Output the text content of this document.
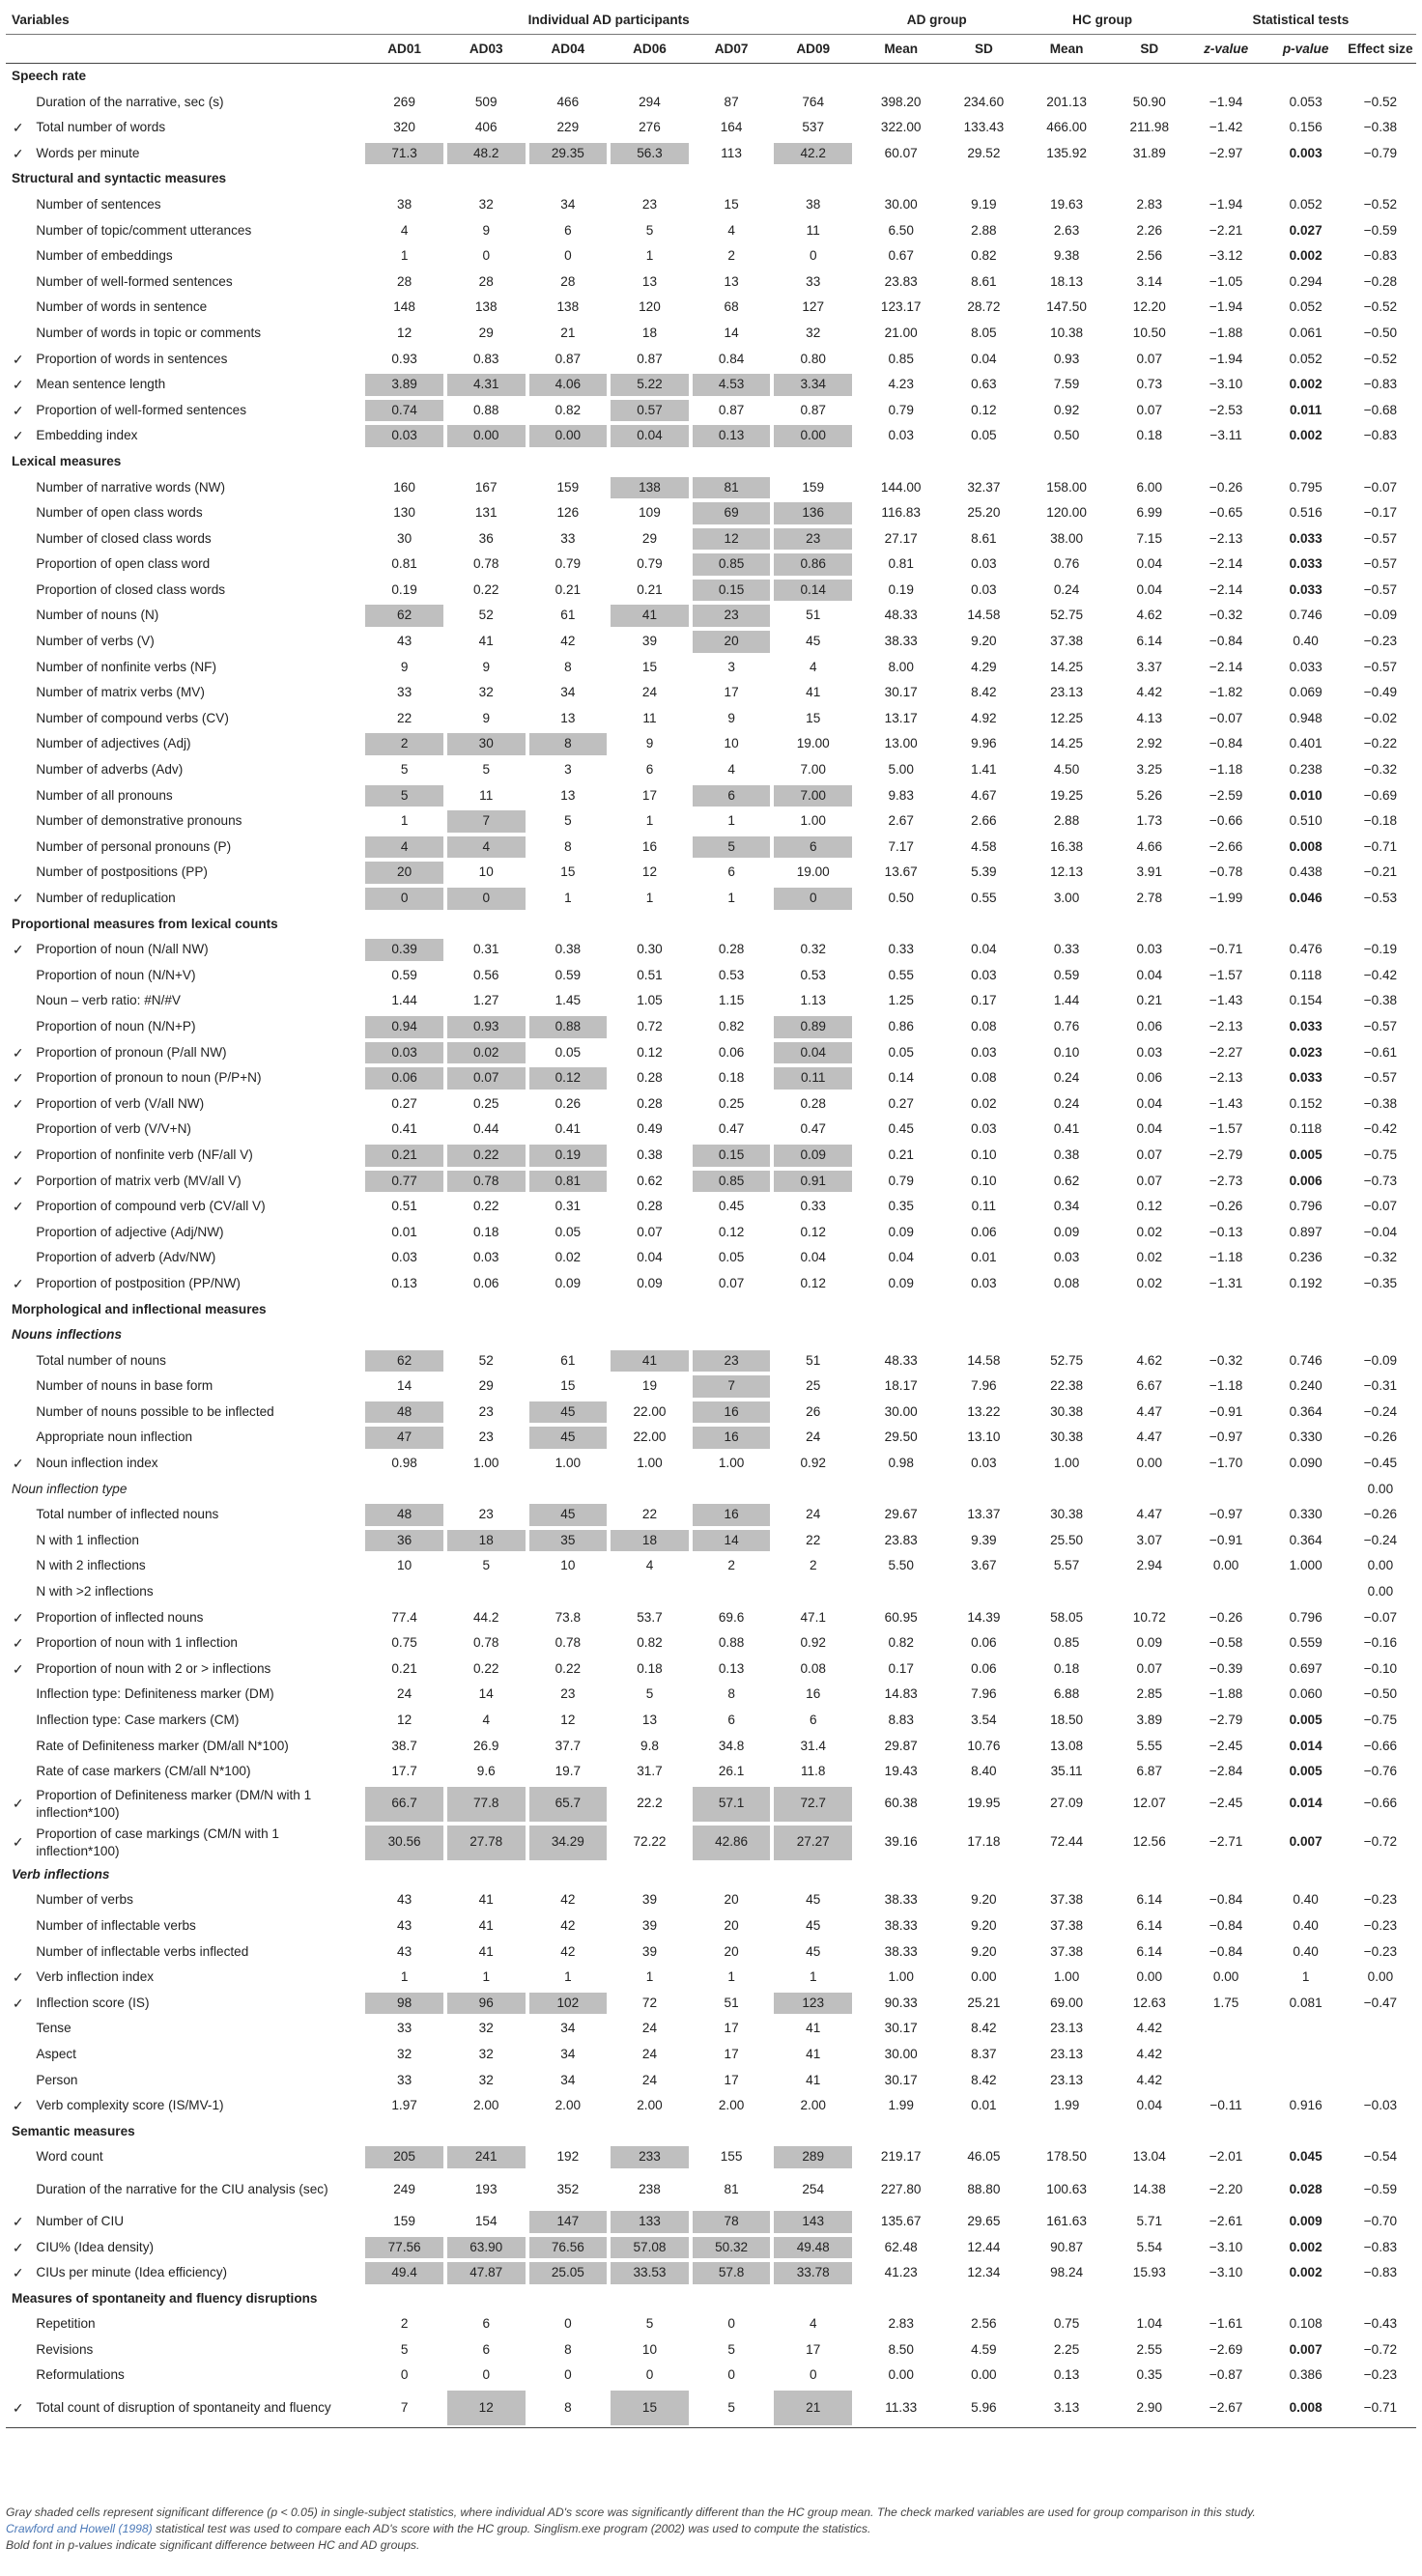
Variables		Individual AD participants						AD group		HC group		Statistical tests		
		AD01	AD03	AD04	AD06	AD07	AD09	Mean	SD	Mean	SD	z-value	p-value	Effect size
Speech rate														
	Duration of the narrative, sec (s)	269	509	466	294	87	764	398.20	234.60	201.13	50.90	−1.94	0.053	−0.52
✓	Total number of words	320	406	229	276	164	537	322.00	133.43	466.00	211.98	−1.42	0.156	−0.38
✓	Words per minute	71.3	48.2	29.35	56.3	113	42.2	60.07	29.52	135.92	31.89	−2.97	0.003	−0.79
Structural and syntactic measures														
	Number of sentences	38	32	34	23	15	38	30.00	9.19	19.63	2.83	−1.94	0.052	−0.52
	Number of topic/comment utterances	4	9	6	5	4	11	6.50	2.88	2.63	2.26	−2.21	0.027	−0.59
	Number of embeddings	1	0	0	1	2	0	0.67	0.82	9.38	2.56	−3.12	0.002	−0.83
	Number of well-formed sentences	28	28	28	13	13	33	23.83	8.61	18.13	3.14	−1.05	0.294	−0.28
	Number of words in sentence	148	138	138	120	68	127	123.17	28.72	147.50	12.20	−1.94	0.052	−0.52
	Number of words in topic or comments	12	29	21	18	14	32	21.00	8.05	10.38	10.50	−1.88	0.061	−0.50
✓	Proportion of words in sentences	0.93	0.83	0.87	0.87	0.84	0.80	0.85	0.04	0.93	0.07	−1.94	0.052	−0.52
✓	Mean sentence length	3.89	4.31	4.06	5.22	4.53	3.34	4.23	0.63	7.59	0.73	−3.10	0.002	−0.83
✓	Proportion of well-formed sentences	0.74	0.88	0.82	0.57	0.87	0.87	0.79	0.12	0.92	0.07	−2.53	0.011	−0.68
✓	Embedding index	0.03	0.00	0.00	0.04	0.13	0.00	0.03	0.05	0.50	0.18	−3.11	0.002	−0.83
Lexical measures														
	Number of narrative words (NW)	160	167	159	138	81	159	144.00	32.37	158.00	6.00	−0.26	0.795	−0.07
	Number of open class words	130	131	126	109	69	136	116.83	25.20	120.00	6.99	−0.65	0.516	−0.17
	Number of closed class words	30	36	33	29	12	23	27.17	8.61	38.00	7.15	−2.13	0.033	−0.57
	Proportion of open class word	0.81	0.78	0.79	0.79	0.85	0.86	0.81	0.03	0.76	0.04	−2.14	0.033	−0.57
	Proportion of closed class words	0.19	0.22	0.21	0.21	0.15	0.14	0.19	0.03	0.24	0.04	−2.14	0.033	−0.57
	Number of nouns (N)	62	52	61	41	23	51	48.33	14.58	52.75	4.62	−0.32	0.746	−0.09
	Number of verbs (V)	43	41	42	39	20	45	38.33	9.20	37.38	6.14	−0.84	0.40	−0.23
	Number of nonfinite verbs (NF)	9	9	8	15	3	4	8.00	4.29	14.25	3.37	−2.14	0.033	−0.57
	Number of matrix verbs (MV)	33	32	34	24	17	41	30.17	8.42	23.13	4.42	−1.82	0.069	−0.49
	Number of compound verbs (CV)	22	9	13	11	9	15	13.17	4.92	12.25	4.13	−0.07	0.948	−0.02
	Number of adjectives (Adj)	2	30	8	9	10	19.00	13.00	9.96	14.25	2.92	−0.84	0.401	−0.22
	Number of adverbs (Adv)	5	5	3	6	4	7.00	5.00	1.41	4.50	3.25	−1.18	0.238	−0.32
	Number of all pronouns	5	11	13	17	6	7.00	9.83	4.67	19.25	5.26	−2.59	0.010	−0.69
	Number of demonstrative pronouns	1	7	5	1	1	1.00	2.67	2.66	2.88	1.73	−0.66	0.510	−0.18
	Number of personal pronouns (P)	4	4	8	16	5	6	7.17	4.58	16.38	4.66	−2.66	0.008	−0.71
	Number of postpositions (PP)	20	10	15	12	6	19.00	13.67	5.39	12.13	3.91	−0.78	0.438	−0.21
✓	Number of reduplication	0	0	1	1	1	0	0.50	0.55	3.00	2.78	−1.99	0.046	−0.53
Proportional measures from lexical counts														
✓	Proportion of noun (N/all NW)	0.39	0.31	0.38	0.30	0.28	0.32	0.33	0.04	0.33	0.03	−0.71	0.476	−0.19
	Proportion of noun (N/N+V)	0.59	0.56	0.59	0.51	0.53	0.53	0.55	0.03	0.59	0.04	−1.57	0.118	−0.42
	Noun – verb ratio: #N/#V	1.44	1.27	1.45	1.05	1.15	1.13	1.25	0.17	1.44	0.21	−1.43	0.154	−0.38
	Proportion of noun (N/N+P)	0.94	0.93	0.88	0.72	0.82	0.89	0.86	0.08	0.76	0.06	−2.13	0.033	−0.57
✓	Proportion of pronoun (P/all NW)	0.03	0.02	0.05	0.12	0.06	0.04	0.05	0.03	0.10	0.03	−2.27	0.023	−0.61
✓	Proportion of pronoun to noun (P/P+N)	0.06	0.07	0.12	0.28	0.18	0.11	0.14	0.08	0.24	0.06	−2.13	0.033	−0.57
✓	Proportion of verb (V/all NW)	0.27	0.25	0.26	0.28	0.25	0.28	0.27	0.02	0.24	0.04	−1.43	0.152	−0.38
	Proportion of verb (V/V+N)	0.41	0.44	0.41	0.49	0.47	0.47	0.45	0.03	0.41	0.04	−1.57	0.118	−0.42
✓	Proportion of nonfinite verb (NF/all V)	0.21	0.22	0.19	0.38	0.15	0.09	0.21	0.10	0.38	0.07	−2.79	0.005	−0.75
✓	Porportion of matrix verb (MV/all V)	0.77	0.78	0.81	0.62	0.85	0.91	0.79	0.10	0.62	0.07	−2.73	0.006	−0.73
✓	Proportion of compound verb (CV/all V)	0.51	0.22	0.31	0.28	0.45	0.33	0.35	0.11	0.34	0.12	−0.26	0.796	−0.07
	Proportion of adjective (Adj/NW)	0.01	0.18	0.05	0.07	0.12	0.12	0.09	0.06	0.09	0.02	−0.13	0.897	−0.04
	Proportion of adverb (Adv/NW)	0.03	0.03	0.02	0.04	0.05	0.04	0.04	0.01	0.03	0.02	−1.18	0.236	−0.32
✓	Proportion of postposition (PP/NW)	0.13	0.06	0.09	0.09	0.07	0.12	0.09	0.03	0.08	0.02	−1.31	0.192	−0.35
Morphological and inflectional measures														
Nouns inflections														
	Total number of nouns	62	52	61	41	23	51	48.33	14.58	52.75	4.62	−0.32	0.746	−0.09
	Number of nouns in base form	14	29	15	19	7	25	18.17	7.96	22.38	6.67	−1.18	0.240	−0.31
	Number of nouns possible to be inflected	48	23	45	22.00	16	26	30.00	13.22	30.38	4.47	−0.91	0.364	−0.24
	Appropriate noun inflection	47	23	45	22.00	16	24	29.50	13.10	30.38	4.47	−0.97	0.330	−0.26
✓	Noun inflection index	0.98	1.00	1.00	1.00	1.00	0.92	0.98	0.03	1.00	0.00	−1.70	0.090	−0.45
Noun inflection type														0.00
	Total number of inflected nouns	48	23	45	22	16	24	29.67	13.37	30.38	4.47	−0.97	0.330	−0.26
	N with 1 inflection	36	18	35	18	14	22	23.83	9.39	25.50	3.07	−0.91	0.364	−0.24
	N with 2 inflections	10	5	10	4	2	2	5.50	3.67	5.57	2.94	0.00	1.000	0.00
	N with >2 inflections													0.00
✓	Proportion of inflected nouns	77.4	44.2	73.8	53.7	69.6	47.1	60.95	14.39	58.05	10.72	−0.26	0.796	−0.07
✓	Proportion of noun with 1 inflection	0.75	0.78	0.78	0.82	0.88	0.92	0.82	0.06	0.85	0.09	−0.58	0.559	−0.16
✓	Proportion of noun with 2 or > inflections	0.21	0.22	0.22	0.18	0.13	0.08	0.17	0.06	0.18	0.07	−0.39	0.697	−0.10
	Inflection type: Definiteness marker (DM)	24	14	23	5	8	16	14.83	7.96	6.88	2.85	−1.88	0.060	−0.50
	Inflection type: Case markers (CM)	12	4	12	13	6	6	8.83	3.54	18.50	3.89	−2.79	0.005	−0.75
	Rate of Definiteness marker (DM/all N*100)	38.7	26.9	37.7	9.8	34.8	31.4	29.87	10.76	13.08	5.55	−2.45	0.014	−0.66
	Rate of case markers (CM/all N*100)	17.7	9.6	19.7	31.7	26.1	11.8	19.43	8.40	35.11	6.87	−2.84	0.005	−0.76
✓	Proportion of Definiteness marker (DM/N with 1 inflection*100)	66.7	77.8	65.7	22.2	57.1	72.7	60.38	19.95	27.09	12.07	−2.45	0.014	−0.66
✓	Proportion of case markings (CM/N with 1 inflection*100)	30.56	27.78	34.29	72.22	42.86	27.27	39.16	17.18	72.44	12.56	−2.71	0.007	−0.72
Verb inflections														
	Number of verbs	43	41	42	39	20	45	38.33	9.20	37.38	6.14	−0.84	0.40	−0.23
	Number of inflectable verbs	43	41	42	39	20	45	38.33	9.20	37.38	6.14	−0.84	0.40	−0.23
	Number of inflectable verbs inflected	43	41	42	39	20	45	38.33	9.20	37.38	6.14	−0.84	0.40	−0.23
✓	Verb inflection index	1	1	1	1	1	1	1.00	0.00	1.00	0.00	0.00	1	0.00
✓	Inflection score (IS)	98	96	102	72	51	123	90.33	25.21	69.00	12.63	1.75	0.081	−0.47
	Tense	33	32	34	24	17	41	30.17	8.42	23.13	4.42			
	Aspect	32	32	34	24	17	41	30.00	8.37	23.13	4.42			
	Person	33	32	34	24	17	41	30.17	8.42	23.13	4.42			
✓	Verb complexity score (IS/MV-1)	1.97	2.00	2.00	2.00	2.00	2.00	1.99	0.01	1.99	0.04	−0.11	0.916	−0.03
Semantic measures														
	Word count	205	241	192	233	155	289	219.17	46.05	178.50	13.04	−2.01	0.045	−0.54
	Duration of the narrative for the CIU analysis (sec)	249	193	352	238	81	254	227.80	88.80	100.63	14.38	−2.20	0.028	−0.59
✓	Number of CIU	159	154	147	133	78	143	135.67	29.65	161.63	5.71	−2.61	0.009	−0.70
✓	CIU% (Idea density)	77.56	63.90	76.56	57.08	50.32	49.48	62.48	12.44	90.87	5.54	−3.10	0.002	−0.83
✓	CIUs per minute (Idea efficiency)	49.4	47.87	25.05	33.53	57.8	33.78	41.23	12.34	98.24	15.93	−3.10	0.002	−0.83
Measures of spontaneity and fluency disruptions														
	Repetition	2	6	0	5	0	4	2.83	2.56	0.75	1.04	−1.61	0.108	−0.43
	Revisions	5	6	8	10	5	17	8.50	4.59	2.25	2.55	−2.69	0.007	−0.72
	Reformulations	0	0	0	0	0	0	0.00	0.00	0.13	0.35	−0.87	0.386	−0.23
✓	Total count of disruption of spontaneity and fluency	7	12	8	15	5	21	11.33	5.96	3.13	2.90	−2.67	0.008	−0.71

Gray shaded cells represent significant difference (p < 0.05) in single-subject statistics, where individual AD's score was significantly different than the HC group mean. The check marked variables are used for group comparison in this study.

Crawford and Howell (1998) statistical test was used to compare each AD's score with the HC group. Singlism.exe program (2002) was used to compute the statistics.

Bold font in p-values indicate significant difference between HC and AD groups.
